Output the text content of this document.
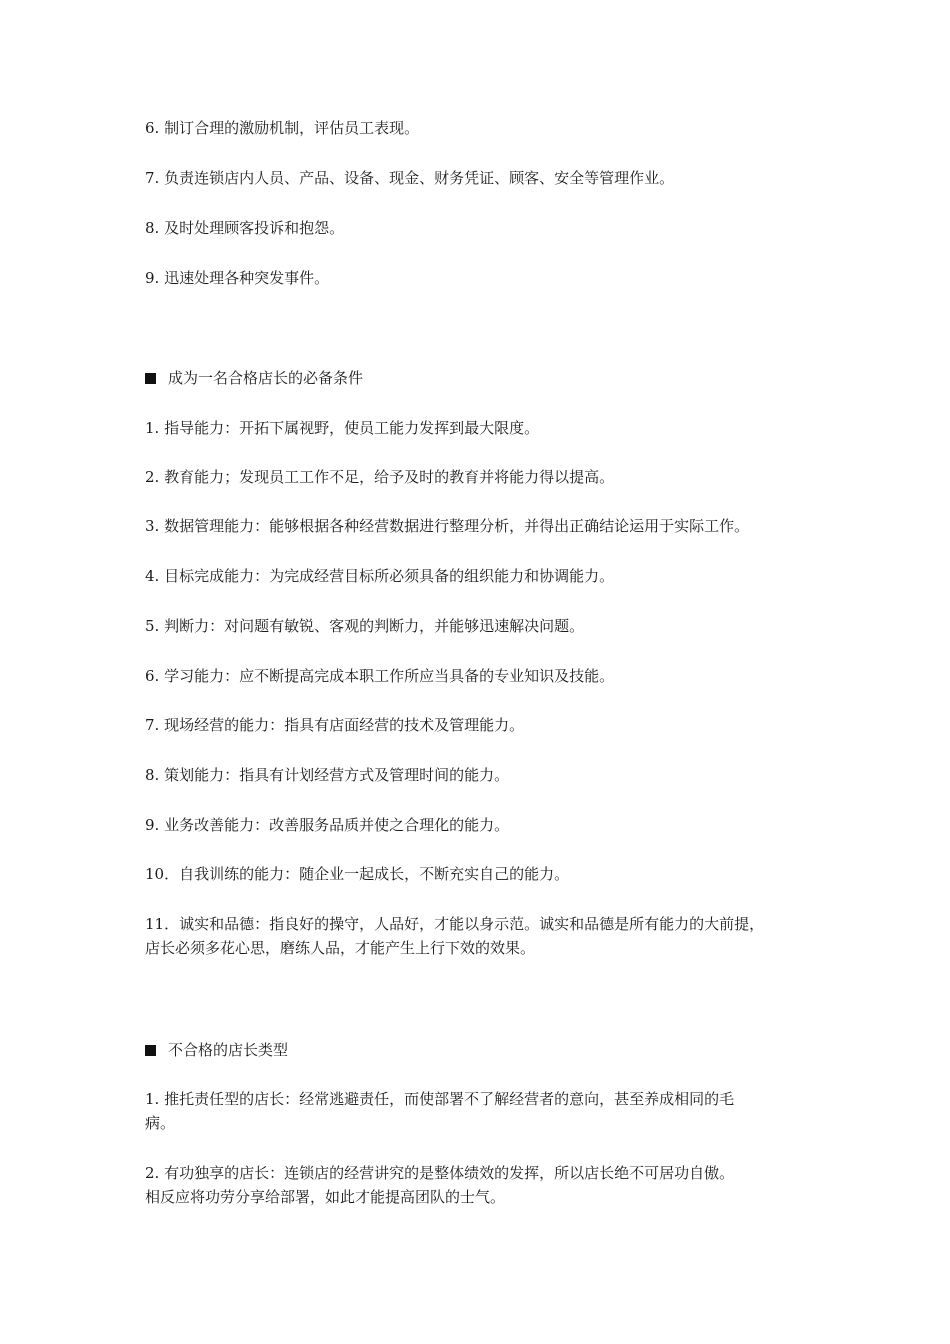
6. 制订合理的激励机制，评估员工表现。
7. 负责连锁店内人员、产品、设备、现金、财务凭证、顾客、安全等管理作业。
8. 及时处理顾客投诉和抱怨。
9. 迅速处理各种突发事件。
成为一名合格店长的必备条件
1. 指导能力：开拓下属视野，使员工能力发挥到最大限度。
2. 教育能力；发现员工工作不足，给予及时的教育并将能力得以提高。
3. 数据管理能力：能够根据各种经营数据进行整理分析，并得出正确结论运用于实际工作。
4. 目标完成能力：为完成经营目标所必须具备的组织能力和协调能力。
5. 判断力：对问题有敏锐、客观的判断力，并能够迅速解决问题。
6. 学习能力：应不断提高完成本职工作所应当具备的专业知识及技能。
7. 现场经营的能力：指具有店面经营的技术及管理能力。
8. 策划能力：指具有计划经营方式及管理时间的能力。
9. 业务改善能力：改善服务品质并使之合理化的能力。
10．自我训练的能力：随企业一起成长，不断充实自己的能力。
11．诚实和品德：指良好的操守，人品好，才能以身示范。诚实和品德是所有能力的大前提，
店长必须多花心思，磨练人品，才能产生上行下效的效果。
不合格的店长类型
1. 推托责任型的店长：经常逃避责任，而使部署不了解经营者的意向，甚至养成相同的毛
病。
2. 有功独享的店长：连锁店的经营讲究的是整体绩效的发挥，所以店长绝不可居功自傲。
相反应将功劳分享给部署，如此才能提高团队的士气。
